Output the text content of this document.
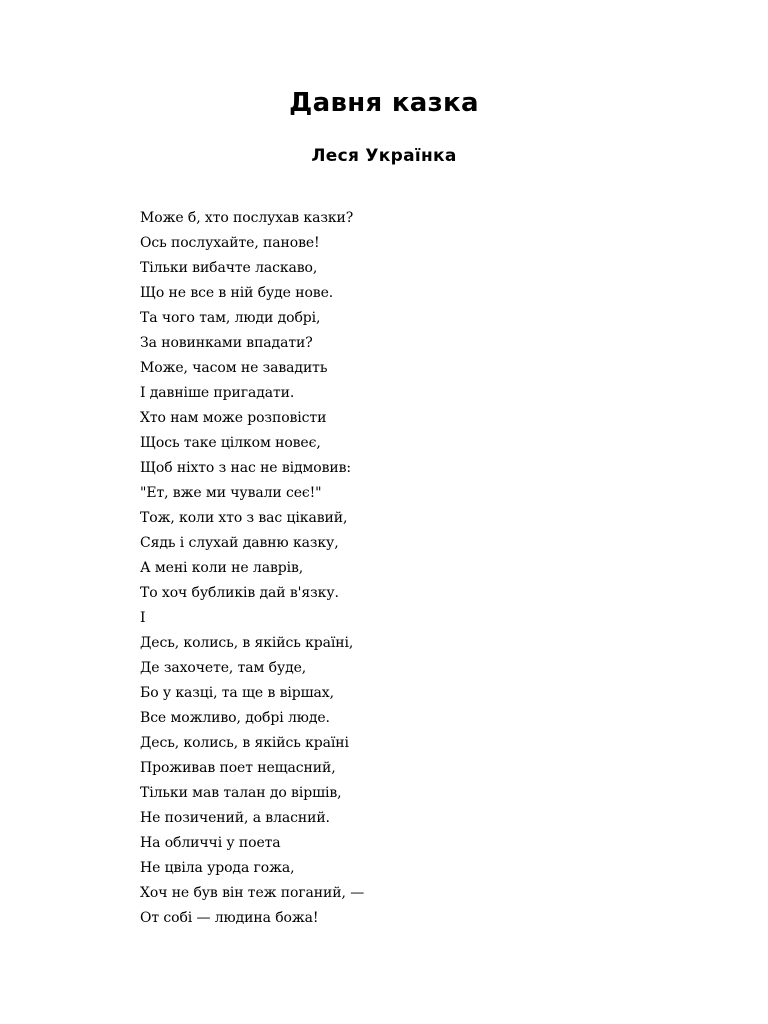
Давня казка
Леся Українка
Може б, хто послухав казки?
Ось послухайте, панове!
Тільки вибачте ласкаво,
Що не все в ній буде нове.
Та чого там, люди добрі,
За новинками впадати?
Може, часом не завадить
І давніше пригадати.
Хто нам може розповісти
Щось таке цілком новеє,
Щоб ніхто з нас не відмовив:
"Ет, вже ми чували сеє!"
Тож, коли хто з вас цікавий,
Сядь і слухай давню казку,
А мені коли не лаврів,
То хоч бубликів дай в'язку.
I
Десь, колись, в якійсь країні,
Де захочете, там буде,
Бо у казці, та ще в віршах,
Все можливо, добрі люде.
Десь, колись, в якійсь країні
Проживав поет нещасний,
Тільки мав талан до віршів,
Не позичений, а власний.
На обличчі у поета
Не цвіла урода гожа,
Хоч не був він теж поганий, —
От собі — людина божа!
